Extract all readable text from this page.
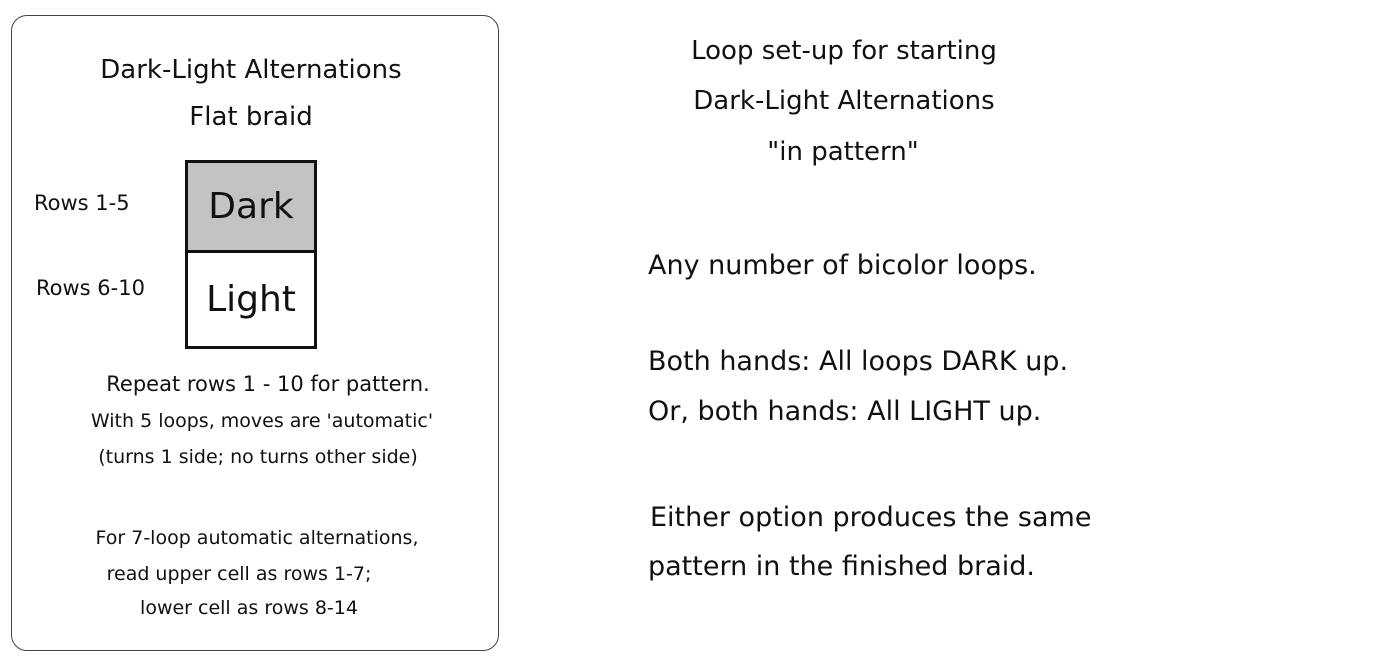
Dark-Light Alternations
Flat braid
Rows 1-5
Rows 6-10
Dark
Light
Repeat rows 1 - 10 for pattern.
With 5 loops, moves are 'automatic'
(turns 1 side; no turns other side)
For 7-loop automatic alternations,
read upper cell as rows 1-7;
lower cell as rows 8-14
Loop set-up for starting
Dark-Light Alternations
"in pattern"
Any number of bicolor loops.
Both hands: All loops DARK up.
Or, both hands: All LIGHT up.
Either option produces the same
pattern in the finished braid.
